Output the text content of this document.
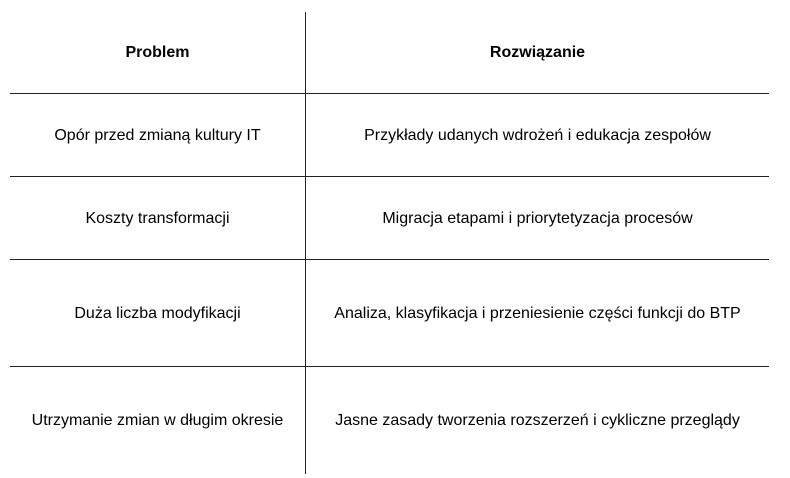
Problem	Rozwiązanie
Opór przed zmianą kultury IT	Przykłady udanych wdrożeń i edukacja zespołów
Koszty transformacji	Migracja etapami i priorytetyzacja procesów
Duża liczba modyfikacji	Analiza, klasyfikacja i przeniesienie części funkcji do BTP
Utrzymanie zmian w długim okresie	Jasne zasady tworzenia rozszerzeń i cykliczne przeglądy
